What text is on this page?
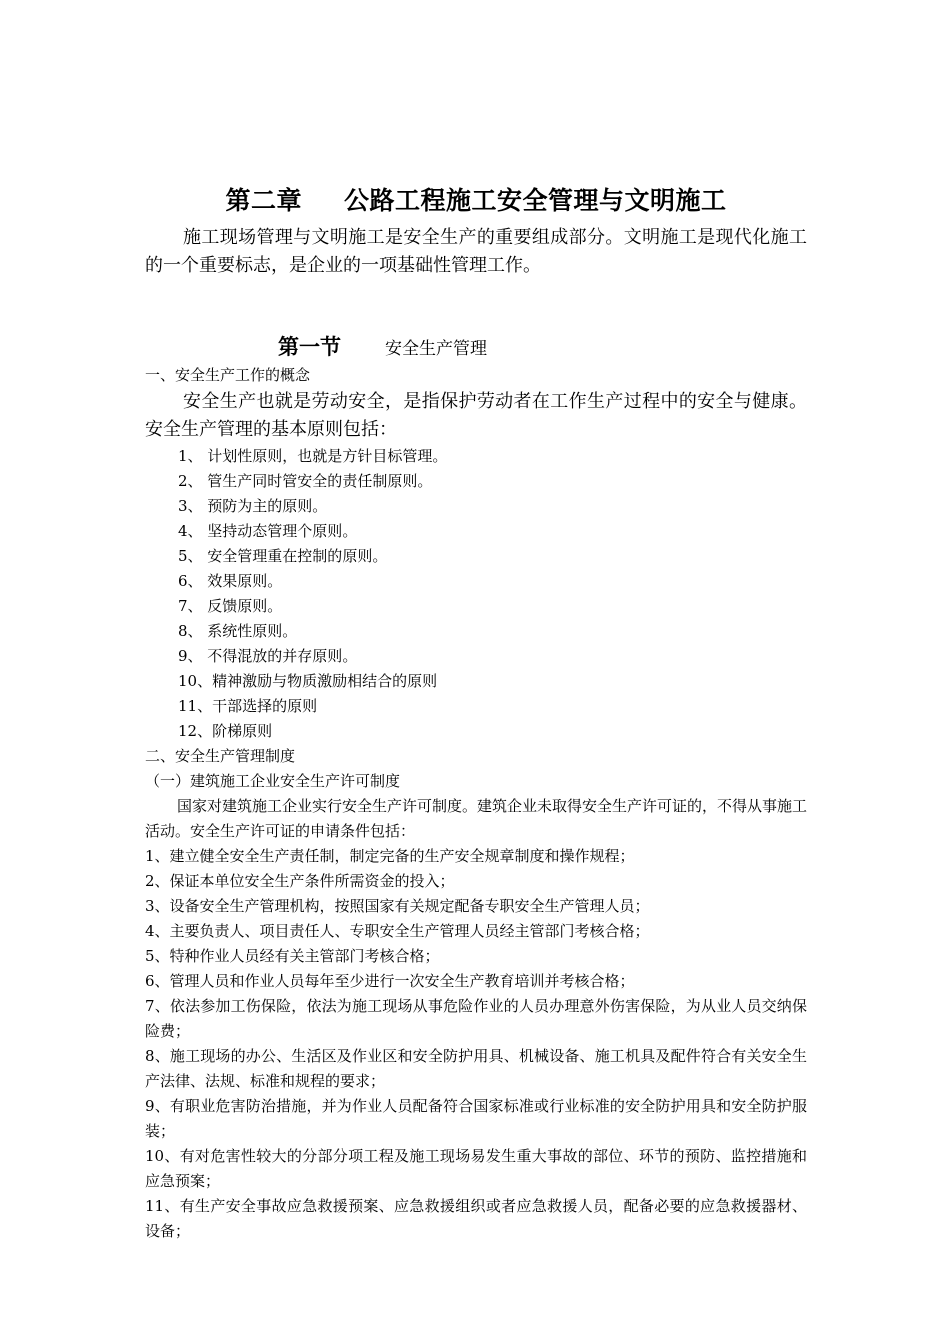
第二章 公路工程施工安全管理与文明施工

施工现场管理与文明施工是安全生产的重要组成部分。文明施工是现代化施工的一个重要标志，是企业的一项基础性管理工作。

第一节	安全生产管理

一、安全生产工作的概念

安全生产也就是劳动安全，是指保护劳动者在工作生产过程中的安全与健康。安全生产管理的基本原则包括：

1、 计划性原则，也就是方针目标管理。
2、 管生产同时管安全的责任制原则。
3、 预防为主的原则。
4、 坚持动态管理个原则。
5、 安全管理重在控制的原则。
6、 效果原则。
7、 反馈原则。
8、 系统性原则。
9、 不得混放的并存原则。
10、精神激励与物质激励相结合的原则
11、干部选择的原则
12、阶梯原则

二、安全生产管理制度

（一）建筑施工企业安全生产许可制度

国家对建筑施工企业实行安全生产许可制度。建筑企业未取得安全生产许可证的，不得从事施工活动。安全生产许可证的申请条件包括：

1、建立健全安全生产责任制，制定完备的生产安全规章制度和操作规程；
2、保证本单位安全生产条件所需资金的投入；
3、设备安全生产管理机构，按照国家有关规定配备专职安全生产管理人员；
4、主要负责人、项目责任人、专职安全生产管理人员经主管部门考核合格；
5、特种作业人员经有关主管部门考核合格；
6、管理人员和作业人员每年至少进行一次安全生产教育培训并考核合格；
7、依法参加工伤保险，依法为施工现场从事危险作业的人员办理意外伤害保险，为从业人员交纳保险费；
8、施工现场的办公、生活区及作业区和安全防护用具、机械设备、施工机具及配件符合有关安全生产法律、法规、标准和规程的要求；
9、有职业危害防治措施，并为作业人员配备符合国家标准或行业标准的安全防护用具和安全防护服装；
10、有对危害性较大的分部分项工程及施工现场易发生重大事故的部位、环节的预防、监控措施和应急预案；
11、有生产安全事故应急救援预案、应急救援组织或者应急救援人员，配备必要的应急救援器材、设备；
